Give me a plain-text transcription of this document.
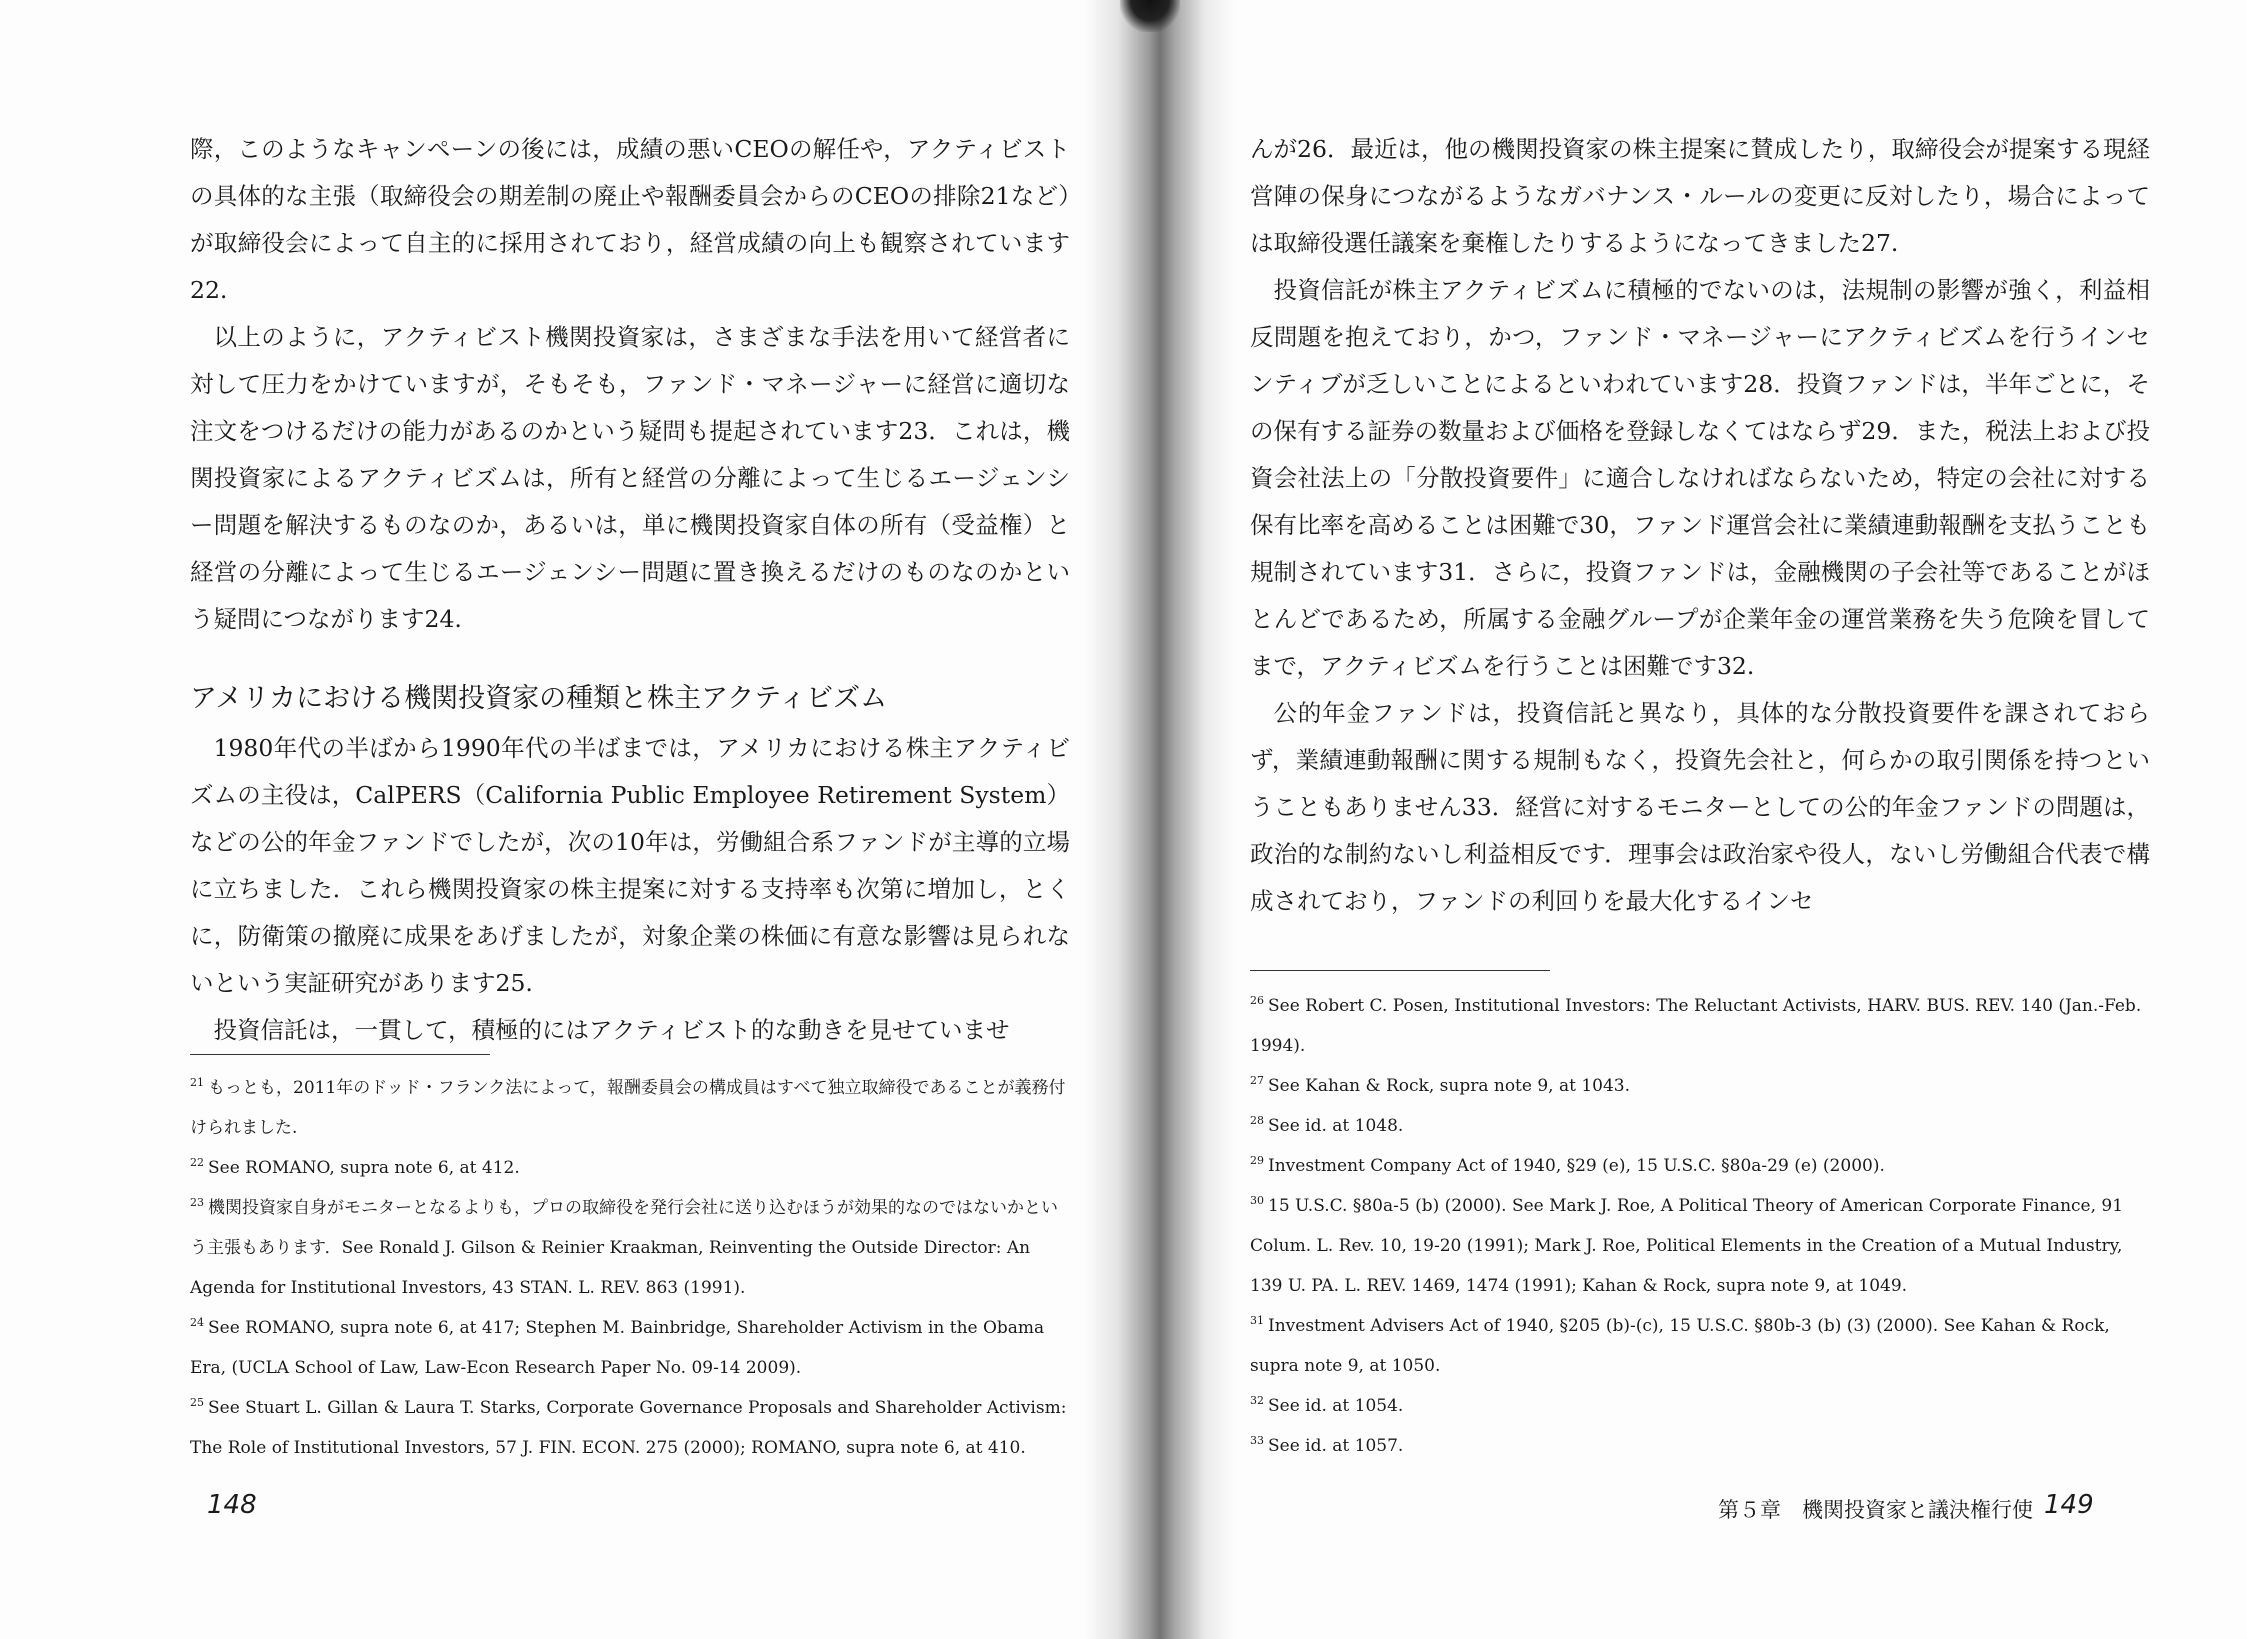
際，このようなキャンペーンの後には，成績の悪いCEOの解任や，アクティビストの具体的な主張（取締役会の期差制の廃止や報酬委員会からのCEOの排除21など）が取締役会によって自主的に採用されており，経営成績の向上も観察されています22.

以上のように，アクティビスト機関投資家は，さまざまな手法を用いて経営者に対して圧力をかけていますが，そもそも，ファンド・マネージャーに経営に適切な注文をつけるだけの能力があるのかという疑問も提起されています23．これは，機関投資家によるアクティビズムは，所有と経営の分離によって生じるエージェンシー問題を解決するものなのか，あるいは，単に機関投資家自体の所有（受益権）と経営の分離によって生じるエージェンシー問題に置き換えるだけのものなのかという疑問につながります24.

アメリカにおける機関投資家の種類と株主アクティビズム

1980年代の半ばから1990年代の半ばまでは，アメリカにおける株主アクティビズムの主役は，CalPERS（California Public Employee Retirement System）などの公的年金ファンドでしたが，次の10年は，労働組合系ファンドが主導的立場に立ちました．これら機関投資家の株主提案に対する支持率も次第に増加し，とくに，防衛策の撤廃に成果をあげましたが，対象企業の株価に有意な影響は見られないという実証研究があります25.

投資信託は，一貫して，積極的にはアクティビスト的な動きを見せていませ

$^{21}$ もっとも，2011年のドッド・フランク法によって，報酬委員会の構成員はすべて独立取締役であることが義務付けられました.

$^{22}$ See ROMANO, supra note 6, at 412.

$^{23}$ 機関投資家自身がモニターとなるよりも，プロの取締役を発行会社に送り込むほうが効果的なのではないかという主張もあります．See Ronald J. Gilson & Reinier Kraakman, Reinventing the Outside Director: An Agenda for Institutional Investors, 43 STAN. L. REV. 863 (1991).

$^{24}$ See ROMANO, supra note 6, at 417; Stephen M. Bainbridge, Shareholder Activism in the Obama Era, (UCLA School of Law, Law-Econ Research Paper No. 09-14 2009).

$^{25}$ See Stuart L. Gillan & Laura T. Starks, Corporate Governance Proposals and Shareholder Activism: The Role of Institutional Investors, 57 J. FIN. ECON. 275 (2000); ROMANO, supra note 6, at 410.

148

んが26．最近は，他の機関投資家の株主提案に賛成したり，取締役会が提案する現経営陣の保身につながるようなガバナンス・ルールの変更に反対したり，場合によっては取締役選任議案を棄権したりするようになってきました27.

投資信託が株主アクティビズムに積極的でないのは，法規制の影響が強く，利益相反問題を抱えており，かつ，ファンド・マネージャーにアクティビズムを行うインセンティブが乏しいことによるといわれています28．投資ファンドは，半年ごとに，その保有する証券の数量および価格を登録しなくてはならず29．また，税法上および投資会社法上の「分散投資要件」に適合しなければならないため，特定の会社に対する保有比率を高めることは困難で30，ファンド運営会社に業績連動報酬を支払うことも規制されています31．さらに，投資ファンドは，金融機関の子会社等であることがほとんどであるため，所属する金融グループが企業年金の運営業務を失う危険を冒してまで，アクティビズムを行うことは困難です32.

公的年金ファンドは，投資信託と異なり，具体的な分散投資要件を課されておらず，業績連動報酬に関する規制もなく，投資先会社と，何らかの取引関係を持つということもありません33．経営に対するモニターとしての公的年金ファンドの問題は，政治的な制約ないし利益相反です．理事会は政治家や役人，ないし労働組合代表で構成されており，ファンドの利回りを最大化するインセ

$^{26}$ See Robert C. Posen, Institutional Investors: The Reluctant Activists, HARV. BUS. REV. 140 (Jan.-Feb. 1994).

$^{27}$ See Kahan & Rock, supra note 9, at 1043.

$^{28}$ See id. at 1048.

$^{29}$ Investment Company Act of 1940, §29 (e), 15 U.S.C. §80a-29 (e) (2000).

$^{30}$ 15 U.S.C. §80a-5 (b) (2000). See Mark J. Roe, A Political Theory of American Corporate Finance, 91 Colum. L. Rev. 10, 19-20 (1991); Mark J. Roe, Political Elements in the Creation of a Mutual Industry, 139 U. PA. L. REV. 1469, 1474 (1991); Kahan & Rock, supra note 9, at 1049.

$^{31}$ Investment Advisers Act of 1940, §205 (b)-(c), 15 U.S.C. §80b-3 (b) (3) (2000). See Kahan & Rock, supra note 9, at 1050.

$^{32}$ See id. at 1054.

$^{33}$ See id. at 1057.

第５章　機関投資家と議決権行使 149
